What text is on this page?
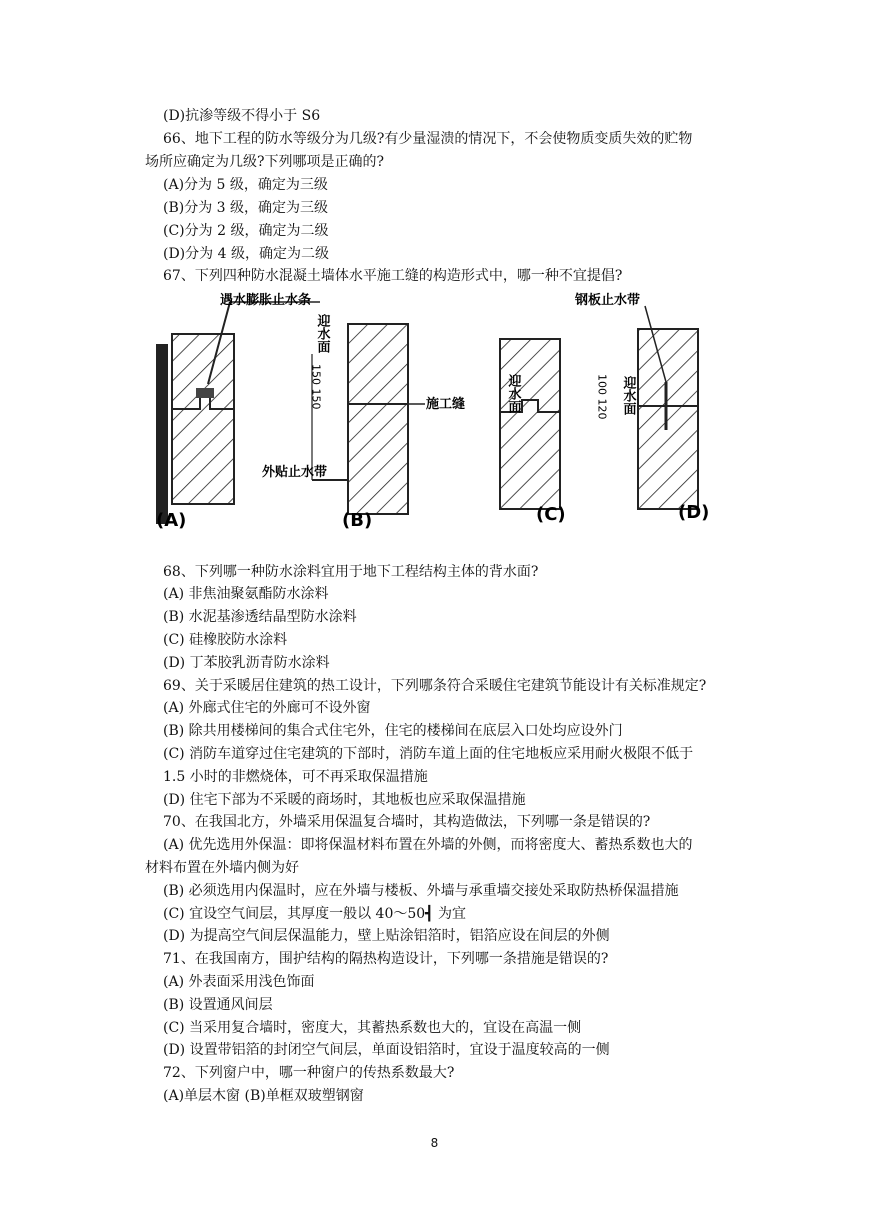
(D)抗渗等级不得小于 S6
66、地下工程的防水等级分为几级?有少量湿溃的情况下，不会使物质变质失效的贮物
场所应确定为几级?下列哪项是正确的?
(A)分为 5 级，确定为三级
(B)分为 3 级，确定为三级
(C)分为 2 级，确定为二级
(D)分为 4 级，确定为二级
67、下列四种防水混凝土墙体水平施工缝的构造形式中，哪一种不宜提倡?
遇水膨胀止水条
(A)
迎水面
150 150	施工缝
外贴止水带
(B)
迎水面
(C)
钢板止水带
100 120 迎水面
(D)
68、下列哪一种防水涂料宜用于地下工程结构主体的背水面?
(A) 非焦油聚氨酯防水涂料
(B) 水泥基渗透结晶型防水涂料
(C) 硅橡胶防水涂料
(D) 丁苯胶乳沥青防水涂料
69、关于采暖居住建筑的热工设计，下列哪条符合采暖住宅建筑节能设计有关标准规定?
(A) 外廊式住宅的外廊可不设外窗
(B) 除共用楼梯间的集合式住宅外，住宅的楼梯间在底层入口处均应设外门
(C) 消防车道穿过住宅建筑的下部时，消防车道上面的住宅地板应采用耐火极限不低于
1.5 小时的非燃烧体，可不再采取保温措施
(D) 住宅下部为不采暖的商场时，其地板也应采取保温措施
70、在我国北方，外墙采用保温复合墙时，其构造做法，下列哪一条是错误的?
(A) 优先选用外保温：即将保温材料布置在外墙的外侧，而将密度大、蓄热系数也大的
材料布置在外墙内侧为好
(B) 必须选用内保温时，应在外墙与楼板、外墙与承重墙交接处采取防热桥保温措施
(C) 宜设空气间层，其厚度一般以 40～50┫ 为宜
(D) 为提高空气间层保温能力，壁上贴涂铝箔时，铝箔应设在间层的外侧
71、在我国南方，围护结构的隔热构造设计，下列哪一条措施是错误的?
(A) 外表面采用浅色饰面
(B) 设置通风间层
(C) 当采用复合墙时，密度大，其蓄热系数也大的，宜设在高温一侧
(D) 设置带铝箔的封闭空气间层，单面设铝箔时，宜设于温度较高的一侧
72、下列窗户中，哪一种窗户的传热系数最大?
(A)单层木窗 (B)单框双玻塑钢窗
8
